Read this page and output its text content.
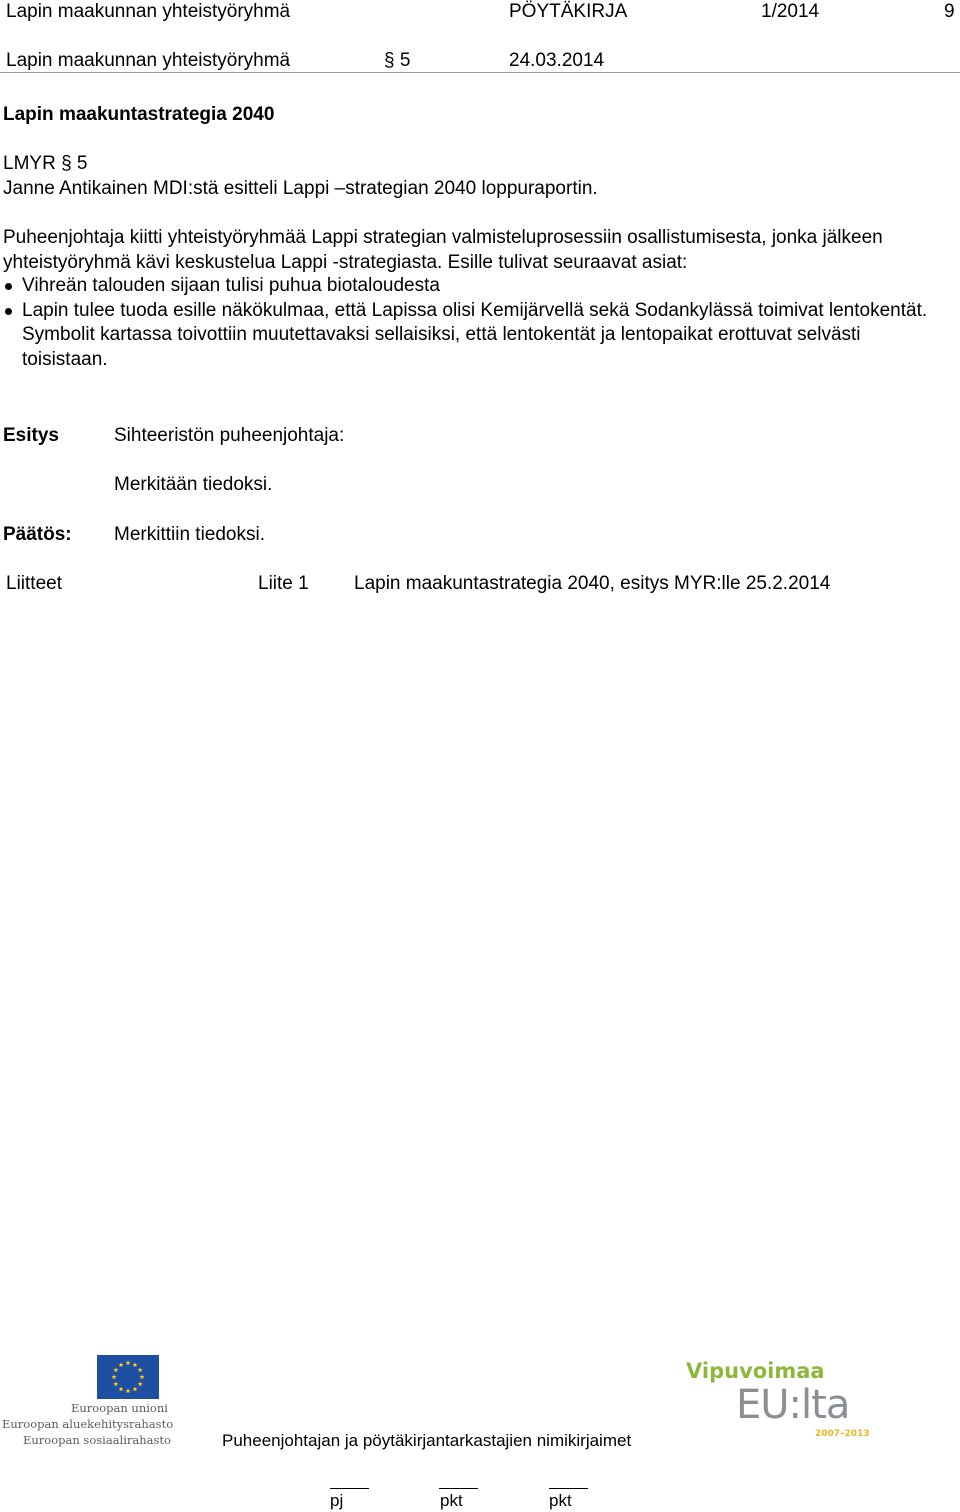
Lapin maakunnan yhteistyöryhmä	PÖYTÄKIRJA	1/2014	9
Lapin maakunnan yhteistyöryhmä	§ 5	24.03.2014
Lapin maakuntastrategia 2040
LMYR § 5
Janne Antikainen MDI:stä esitteli Lappi –strategian 2040 loppuraportin.
Puheenjohtaja kiitti yhteistyöryhmää Lappi strategian valmisteluprosessiin osallistumisesta, jonka jälkeen yhteistyöryhmä kävi keskustelua Lappi -strategiasta. Esille tulivat seuraavat asiat:
Vihreän talouden sijaan tulisi puhua biotaloudesta
Lapin tulee tuoda esille näkökulmaa, että Lapissa olisi Kemijärvellä sekä Sodankylässä toimivat lentokentät. Symbolit kartassa toivottiin muutettavaksi sellaisiksi, että lentokentät ja lentopaikat erottuvat selvästi toisistaan.
Esitys	Sihteeristön puheenjohtaja:
Merkitään tiedoksi.
Päätös: Merkittiin tiedoksi.
Liitteet	Liite 1 Lapin maakuntastrategia 2040, esitys MYR:lle 25.2.2014
Euroopan unioni
Euroopan aluekehitysrahasto
Euroopan sosiaalirahasto
Vipuvoimaa
EU:lta
2007–2013
Puheenjohtajan ja pöytäkirjantarkastajien nimikirjaimet
pj	pkt	pkt
